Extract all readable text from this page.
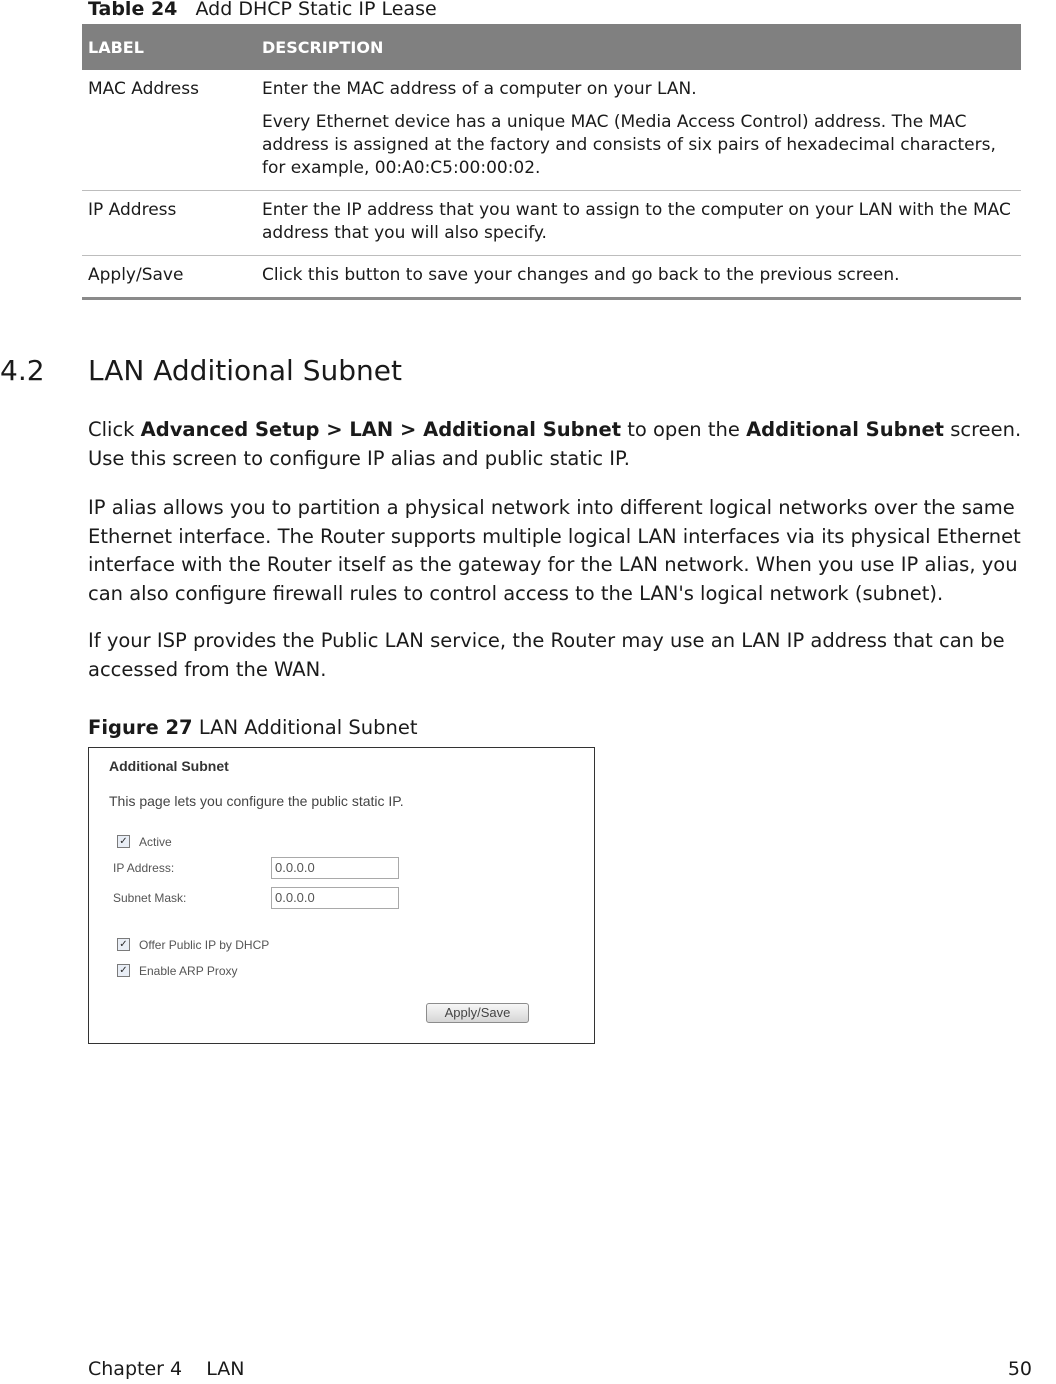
Table 24 Add DHCP Static IP Lease
LABEL	DESCRIPTION
MAC Address	Enter the MAC address of a computer on your LAN.

Every Ethernet device has a unique MAC (Media Access Control) address. The MAC address is assigned at the factory and consists of six pairs of hexadecimal characters, for example, 00:A0:C5:00:00:02.

IP Address	Enter the IP address that you want to assign to the computer on your LAN with the MAC address that you will also specify.

Apply/Save	Click this button to save your changes and go back to the previous screen.

4.2 LAN Additional Subnet

Click Advanced Setup > LAN > Additional Subnet to open the Additional Subnet screen. Use this screen to configure IP alias and public static IP.

IP alias allows you to partition a physical network into different logical networks over the same Ethernet interface. The Router supports multiple logical LAN interfaces via its physical Ethernet interface with the Router itself as the gateway for the LAN network. When you use IP alias, you can also configure firewall rules to control access to the LAN's logical network (subnet).

If your ISP provides the Public LAN service, the Router may use an LAN IP address that can be accessed from the WAN.

Figure 27 LAN Additional Subnet
Additional Subnet
This page lets you configure the public static IP.
✓ Active
IP Address:	0.0.0.0
Subnet Mask:	0.0.0.0
✓ Offer Public IP by DHCP
✓ Enable ARP Proxy
Apply/Save
Chapter 4    LAN	50
